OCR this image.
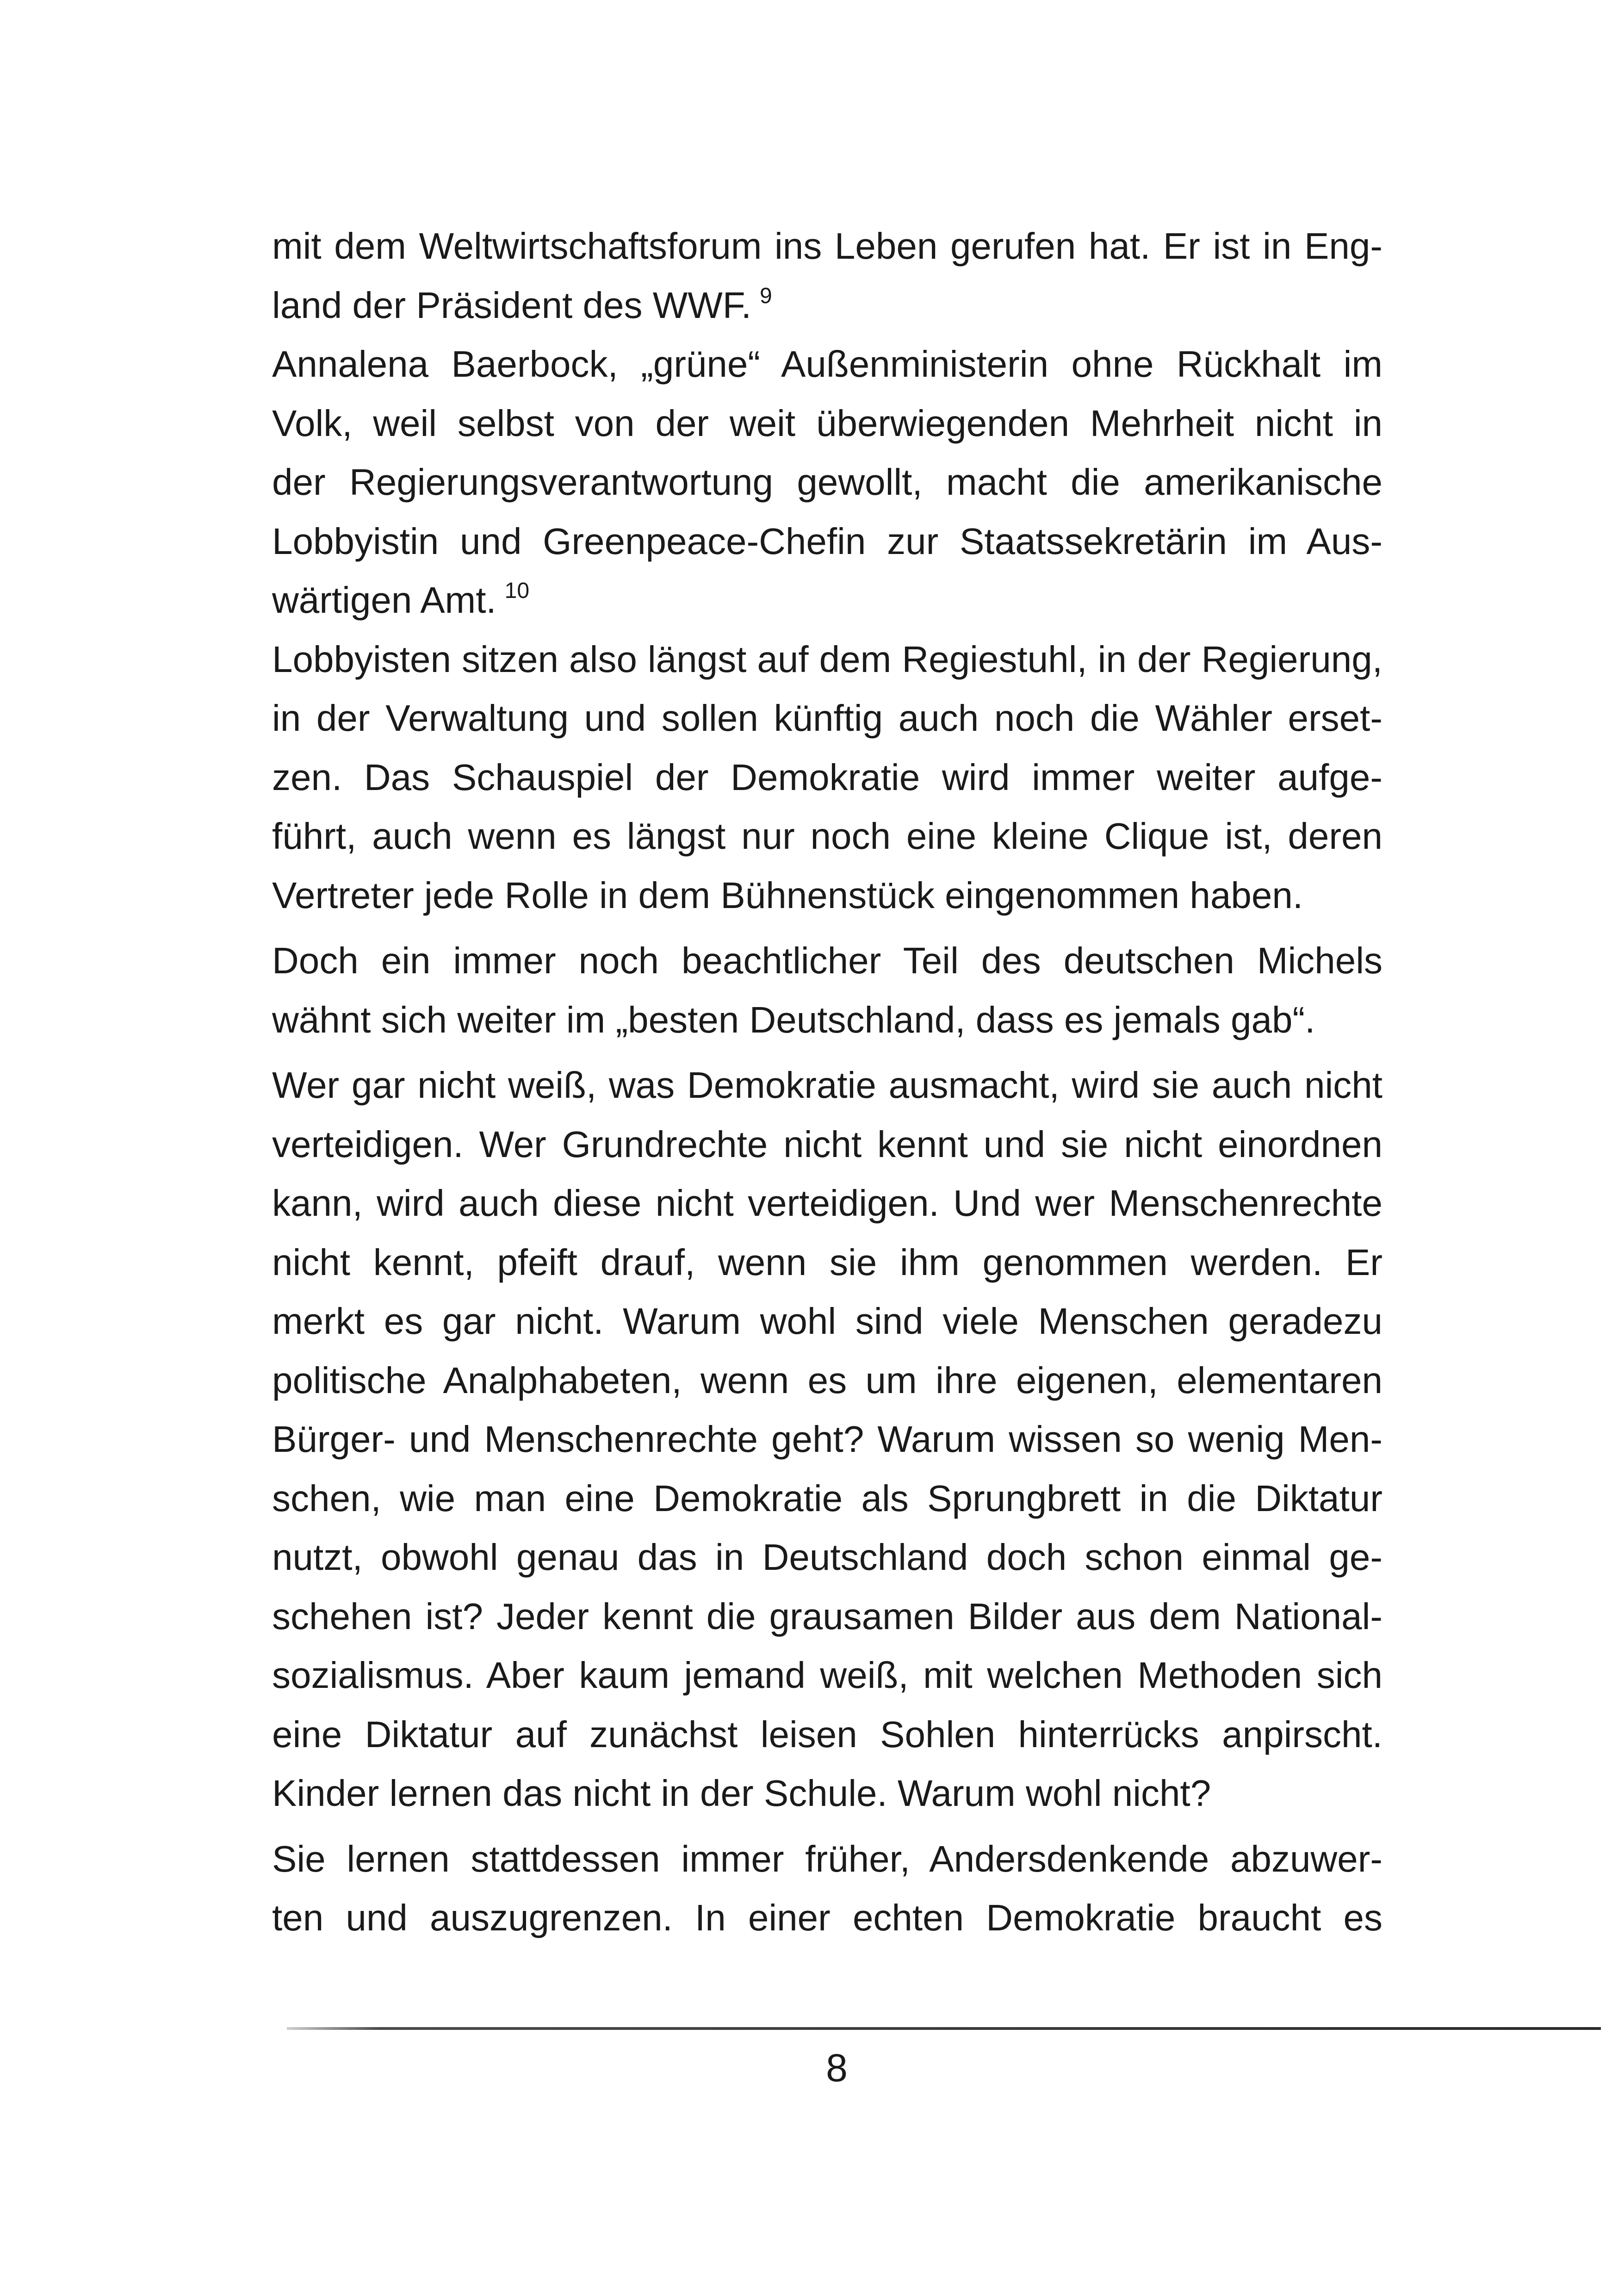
mit dem Weltwirtschaftsforum ins Leben gerufen hat. Er ist in Eng-
land der Präsident des WWF. $^9$
Annalena Baerbock, „grüne“ Außenministerin ohne Rückhalt im
Volk, weil selbst von der weit überwiegenden Mehrheit nicht in
der Regierungsverantwortung gewollt, macht die amerikanische
Lobbyistin und Greenpeace-Chefin zur Staatssekretärin im Aus-
wärtigen Amt. $^{10}$
Lobbyisten sitzen also längst auf dem Regiestuhl, in der Regierung,
in der Verwaltung und sollen künftig auch noch die Wähler erset-
zen. Das Schauspiel der Demokratie wird immer weiter aufge-
führt, auch wenn es längst nur noch eine kleine Clique ist, deren
Vertreter jede Rolle in dem Bühnenstück eingenommen haben.
Doch ein immer noch beachtlicher Teil des deutschen Michels
wähnt sich weiter im „besten Deutschland, dass es jemals gab“.
Wer gar nicht weiß, was Demokratie ausmacht, wird sie auch nicht
verteidigen. Wer Grundrechte nicht kennt und sie nicht einordnen
kann, wird auch diese nicht verteidigen. Und wer Menschenrechte
nicht kennt, pfeift drauf, wenn sie ihm genommen werden. Er
merkt es gar nicht. Warum wohl sind viele Menschen geradezu
politische Analphabeten, wenn es um ihre eigenen, elementaren
Bürger- und Menschenrechte geht? Warum wissen so wenig Men-
schen, wie man eine Demokratie als Sprungbrett in die Diktatur
nutzt, obwohl genau das in Deutschland doch schon einmal ge-
schehen ist? Jeder kennt die grausamen Bilder aus dem National-
sozialismus. Aber kaum jemand weiß, mit welchen Methoden sich
eine Diktatur auf zunächst leisen Sohlen hinterrücks anpirscht.
Kinder lernen das nicht in der Schule. Warum wohl nicht?
Sie lernen stattdessen immer früher, Andersdenkende abzuwer-
ten und auszugrenzen. In einer echten Demokratie braucht es
8
